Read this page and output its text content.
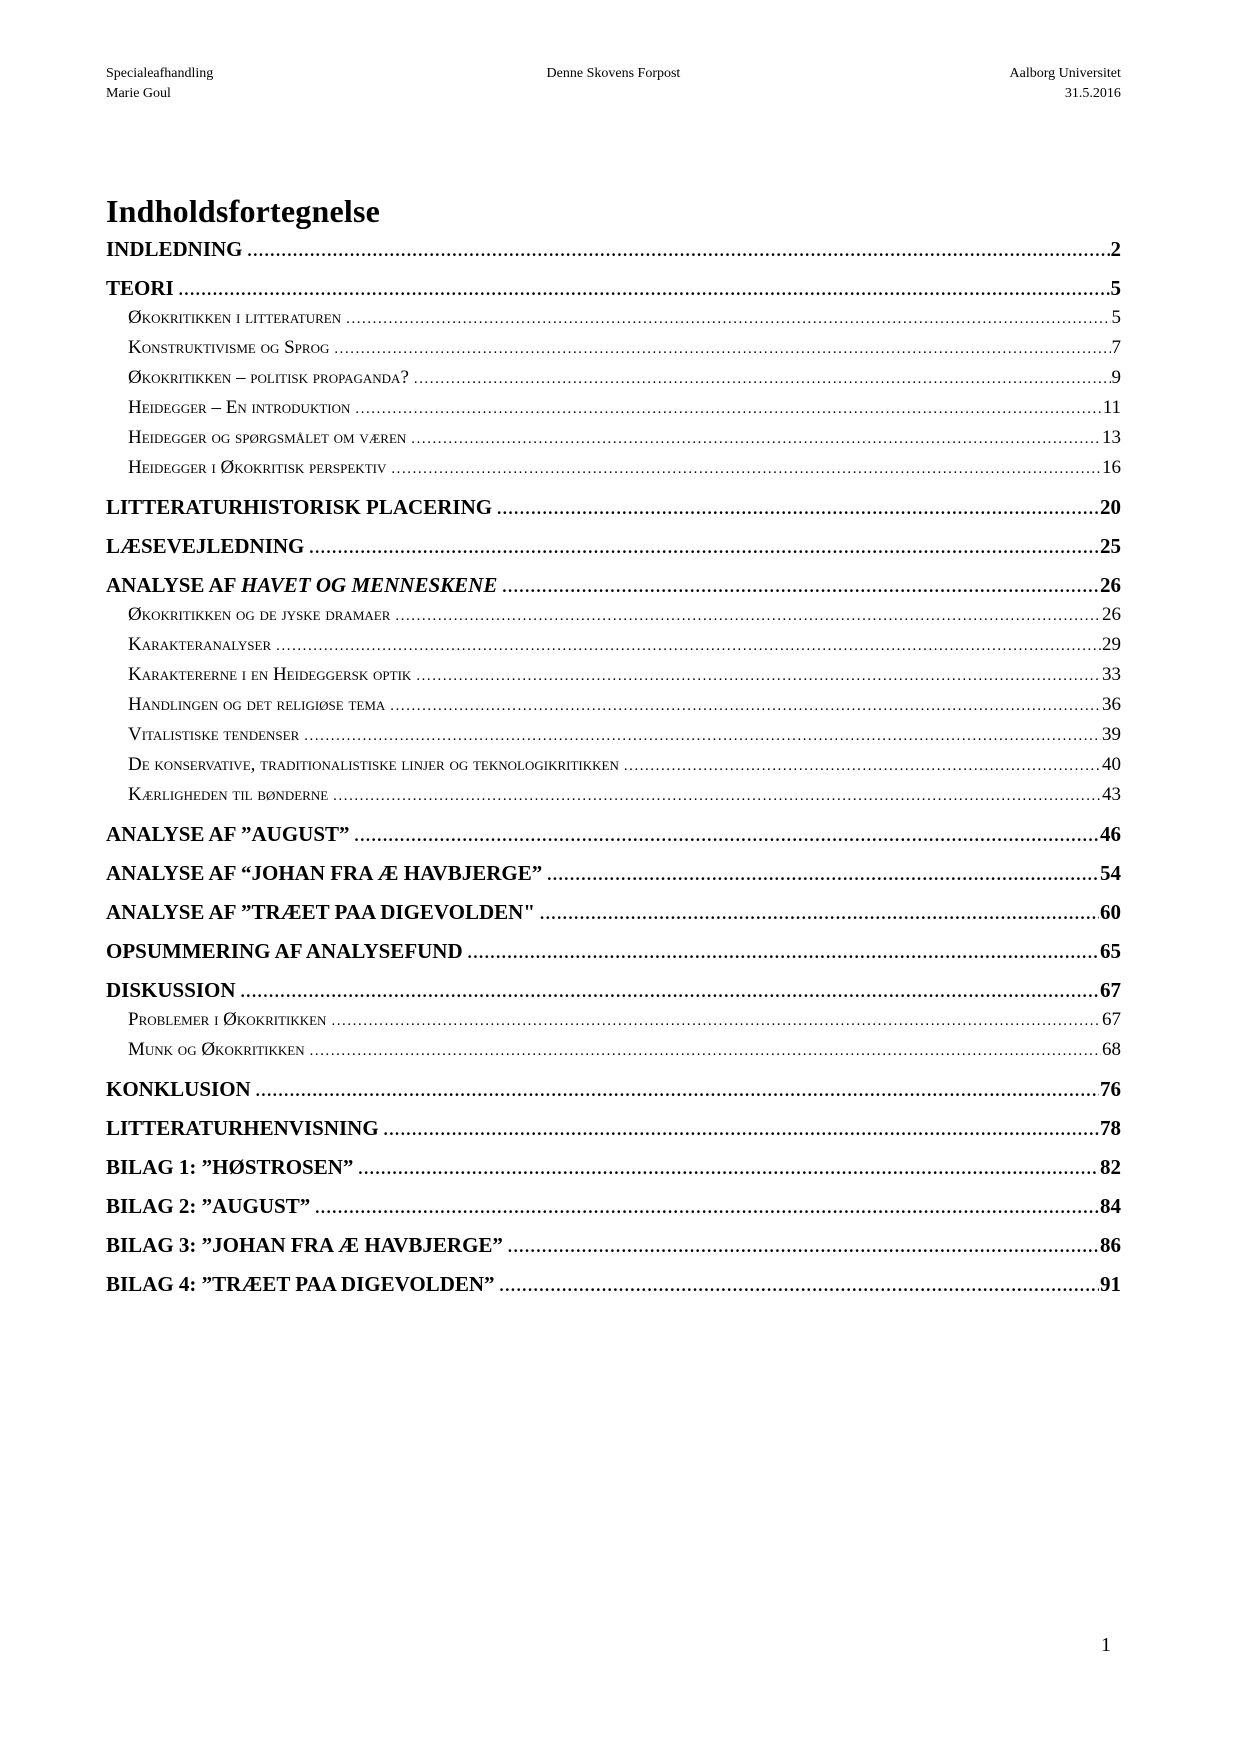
Specialeafhandling
Marie Goul
Denne Skovens Forpost	Aalborg Universitet
31.5.2016
Indholdsfortegnelse
INDLEDNING .....	2
TEORI .....	5
Økokritikken i litteraturen .....	5
Konstruktivisme og Sprog .....	7
Økokritikken – politisk propaganda? .....	9
Heidegger – En introduktion .....	11
Heidegger og spørgsmålet om væren .....	13
Heidegger i Økokritisk perspektiv .....	16
LITTERATURHISTORISK PLACERING .....	20
LÆSEVEJLEDNING .....	25
ANALYSE AF HAVET OG MENNESKENE .....	26
Økokritikken og de jyske dramaer .....	26
Karakteranalyser .....	29
Karaktererne i en Heideggersk optik .....	33
Handlingen og det religiøse tema .....	36
Vitalistiske tendenser .....	39
De konservative, traditionalistiske linjer og teknologikritikken .....	40
Kærligheden til bønderne .....	43
ANALYSE AF ”AUGUST” .....	46
ANALYSE AF “JOHAN FRA Æ HAVBJERGE” .....	54
ANALYSE AF ”TRÆET PAA DIGEVOLDEN" .....	60
OPSUMMERING AF ANALYSEFUND .....	65
DISKUSSION .....	67
Problemer i Økokritikken .....	67
Munk og Økokritikken .....	68
KONKLUSION .....	76
LITTERATURHENVISNING .....	78
BILAG 1: ”HØSTROSEN” .....	82
BILAG 2: ”AUGUST” .....	84
BILAG 3: ”JOHAN FRA Æ HAVBJERGE” .....	86
BILAG 4: ”TRÆET PAA DIGEVOLDEN” .....	91
1
